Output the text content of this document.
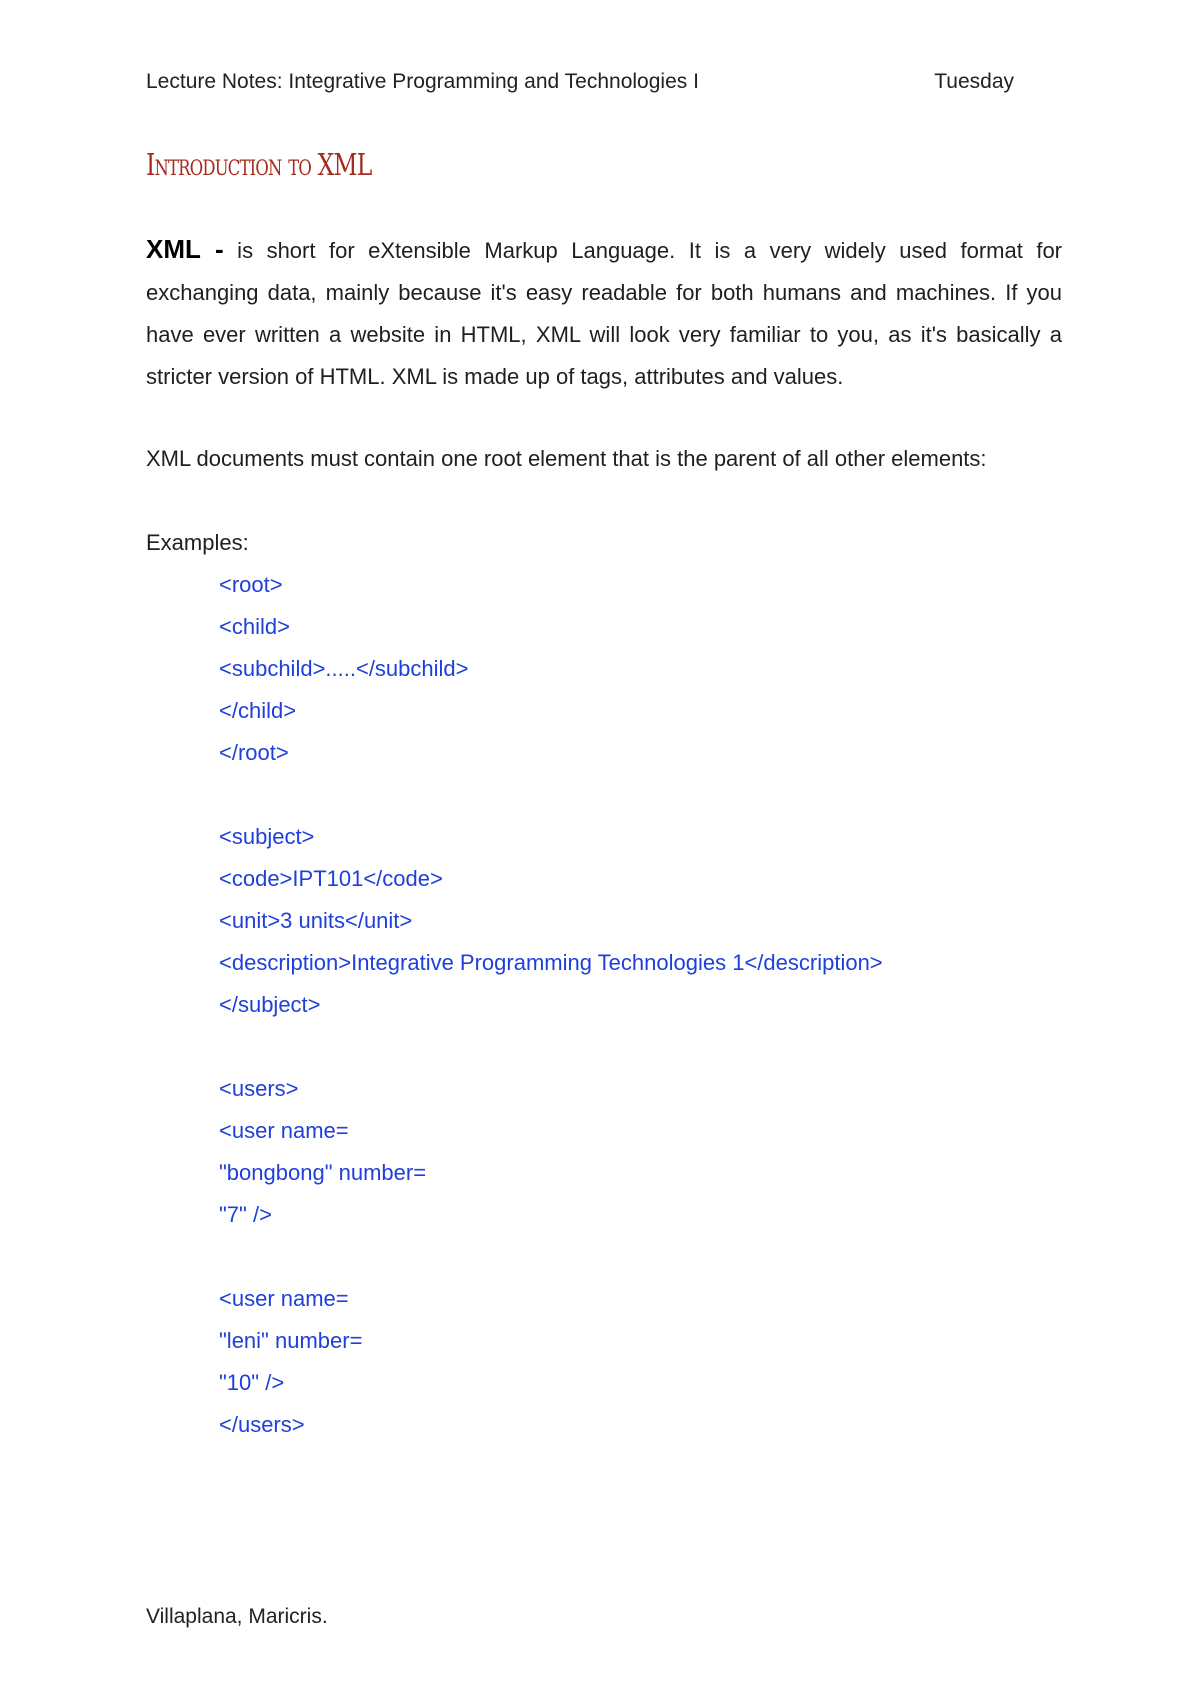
Lecture Notes: Integrative Programming and Technologies I	Tuesday
Introduction to XML
XML - is short for eXtensible Markup Language. It is a very widely used format for exchanging data, mainly because it's easy readable for both humans and machines. If you have ever written a website in HTML, XML will look very familiar to you, as it's basically a stricter version of HTML. XML is made up of tags, attributes and values.
XML documents must contain one root element that is the parent of all other elements:
Examples:
<root>
<child>
<subchild>.....</subchild>
</child>
</root>
<subject>
<code>IPT101</code>
<unit>3 units</unit>
<description>Integrative Programming Technologies 1</description>
</subject>
<users>
<user name=
"bongbong" number=
"7" />
<user name=
"leni" number=
"10" />
</users>
Villaplana, Maricris.
